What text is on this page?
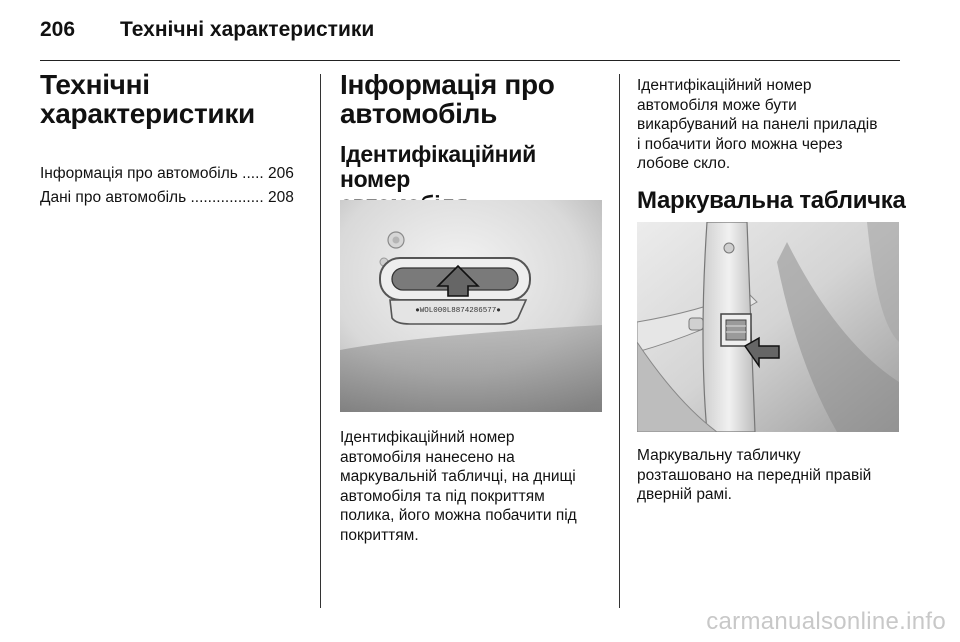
206 Технічні характеристики
Технічні
характеристики
Інформація про автомобіль ..... 206
Дані про автомобіль ................. 208
Інформація про
автомобіль
Ідентифікаційний номер
●WOL000L8874286577●
Ідентифікаційний номер
автомобіля нанесено на
маркувальній табличці, на днищі
автомобіля та під покриттям
полика, його можна побачити під
покриттям.
Ідентифікаційний номер
автомобіля може бути
викарбуваний на панелі приладів
і побачити його можна через
лобове скло.
Маркувальна табличка
Маркувальну табличку
розташовано на передній правій
дверній рамі.
carmanualsonline.info
